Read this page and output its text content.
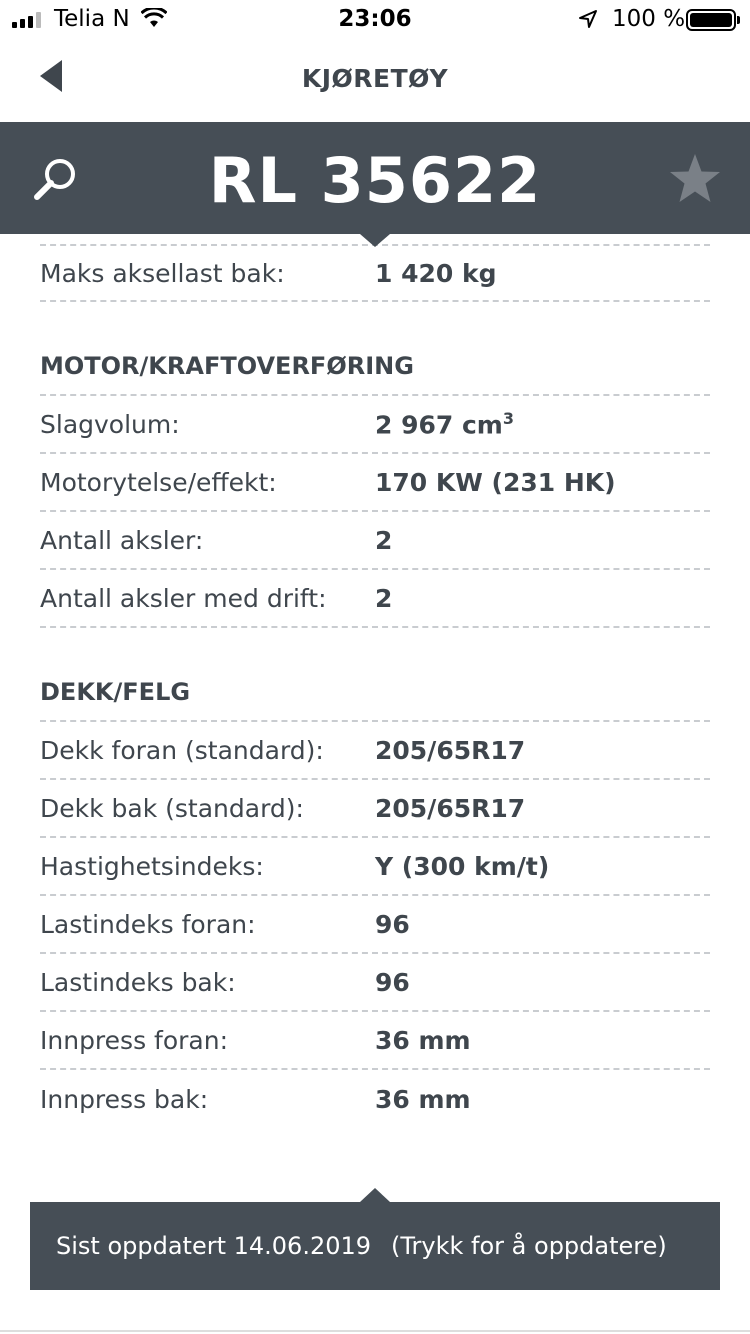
Telia N	23:06	100 %
KJØRETØY
RL 35622
Maks aksellast bak:	1 420 kg
MOTOR/KRAFTOVERFØRING
Slagvolum:	2 967 $cm^3$
Motorytelse/effekt:	170 KW (231 HK)
Antall aksler:	2
Antall aksler med drift:	2
DEKK/FELG
Dekk foran (standard):	205/65R17
Dekk bak (standard):	205/65R17
Hastighetsindeks:	Y (300 km/t)
Lastindeks foran:	96
Lastindeks bak:	96
Innpress foran:	36 mm
Innpress bak:	36 mm
Sist oppdatert 14.06.2019 (Trykk for å oppdatere)
